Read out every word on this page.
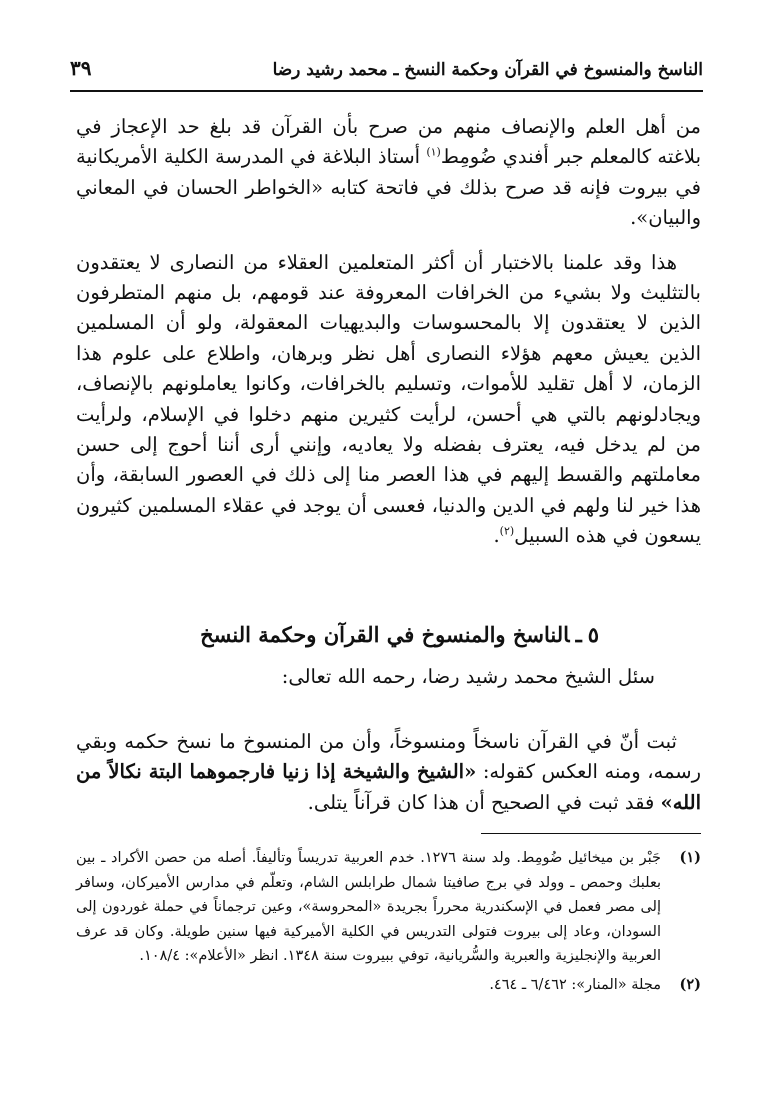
الناسخ والمنسوخ في القرآن وحكمة النسخ ـ محمد رشيد رضا
٣٩

من أهل العلم والإنصاف منهم من صرح بأن القرآن قد بلغ حد الإعجاز في بلاغته كالمعلم جبر أفندي ضُومِط$^{(١)}$ أستاذ البلاغة في المدرسة الكلية الأمريكانية في بيروت فإنه قد صرح بذلك في فاتحة كتابه «الخواطر الحسان في المعاني والبيان».

هذا وقد علمنا بالاختبار أن أكثر المتعلمين العقلاء من النصارى لا يعتقدون بالتثليث ولا بشيء من الخرافات المعروفة عند قومهم، بل منهم المتطرفون الذين لا يعتقدون إلا بالمحسوسات والبديهيات المعقولة، ولو أن المسلمين الذين يعيش معهم هؤلاء النصارى أهل نظر وبرهان، واطلاع على علوم هذا الزمان، لا أهل تقليد للأموات، وتسليم بالخرافات، وكانوا يعاملونهم بالإنصاف، ويجادلونهم بالتي هي أحسن، لرأيت كثيرين منهم دخلوا في الإسلام، ولرأيت من لم يدخل فيه، يعترف بفضله ولا يعاديه، وإنني أرى أننا أحوج إلى حسن معاملتهم والقسط إليهم في هذا العصر منا إلى ذلك في العصور السابقة، وأن هذا خير لنا ولهم في الدين والدنيا، فعسى أن يوجد في عقلاء المسلمين كثيرون يسعون في هذه السبيل$^{(٢)}$.

٥ـالناسخ والمنسوخ في القرآن وحكمة النسخ
سئل الشيخ محمد رشيد رضا، رحمه الله تعالى:

ثبت أنّ في القرآن ناسخاً ومنسوخاً، وأن من المنسوخ ما نسخ حكمه وبقي رسمه، ومنه العكس كقوله: «الشيخ والشيخة إذا زنيا فارجموهما البتة نكالاً من الله» فقد ثبت في الصحيح أن هذا كان قرآناً يتلى.

(١)
جَبْر بن ميخائيل ضُومِط. ولد سنة ١٢٧٦. خدم العربية تدريساً وتأليفاً. أصله من حصن الأكراد ـ بين بعلبك وحمص ـ وولد في برج صافيتا شمال طرابلس الشام، وتعلّم في مدارس الأميركان، وسافر إلى مصر فعمل في الإسكندرية محرراً بجريدة «المحروسة»، وعين ترجماناً في حملة غوردون إلى السودان، وعاد إلى بيروت فتولى التدريس في الكلية الأميركية فيها سنين طويلة. وكان قد عرف العربية والإنجليزية والعبرية والسُّريانية، توفي ببيروت سنة ١٣٤٨. انظر «الأعلام»: ١٠٨/٤.
(٢)
مجلة «المنار»: ٦/٤٦٢ ـ ٤٦٤.
